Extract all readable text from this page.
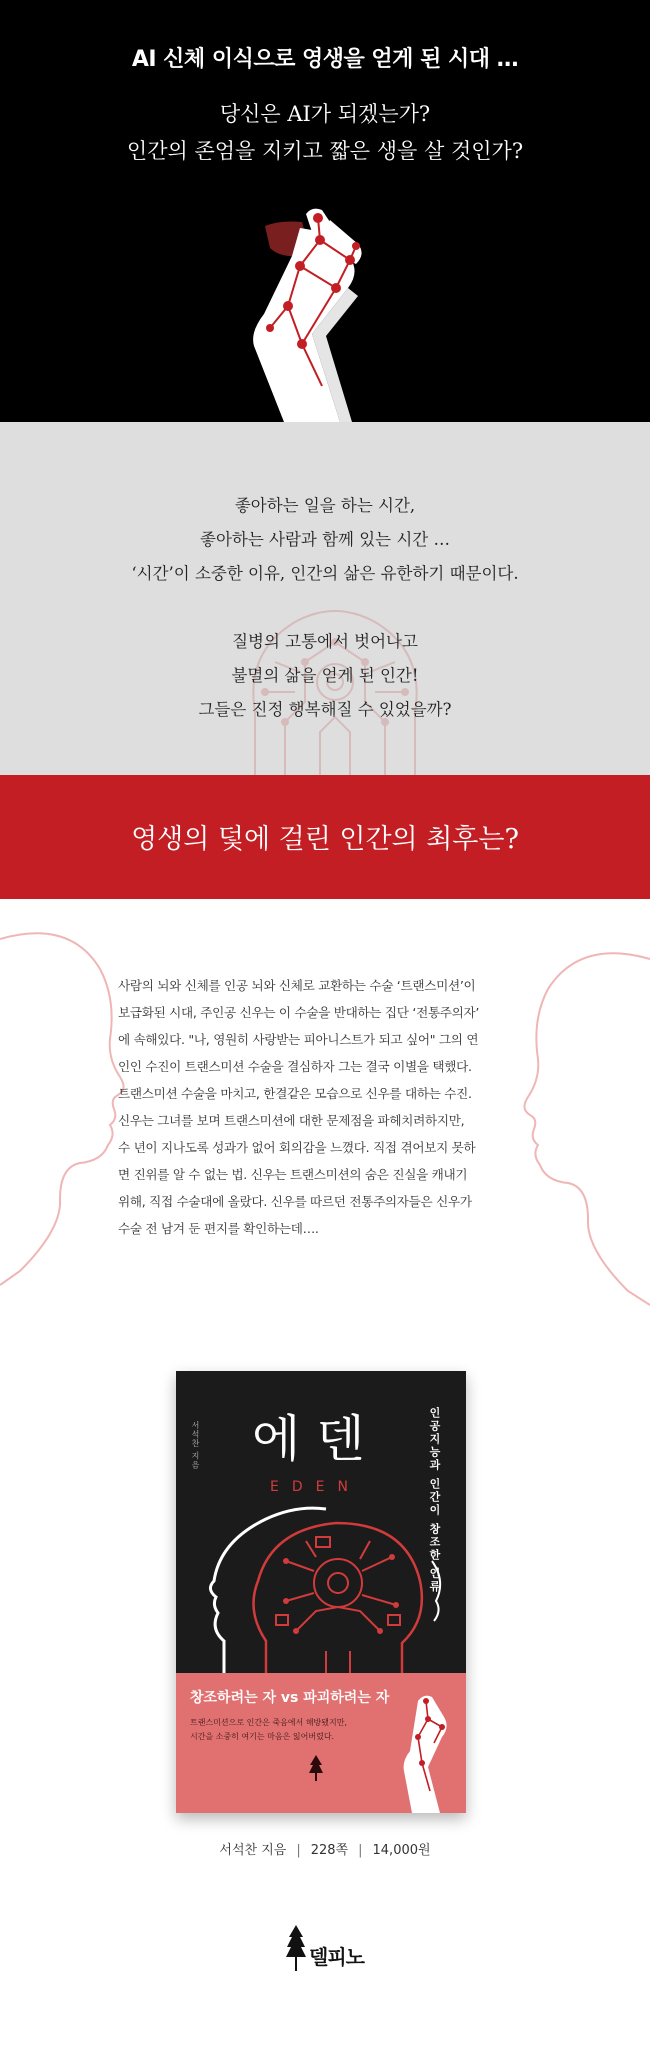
AI 신체 이식으로 영생을 얻게 된 시대 …
당신은 AI가 되겠는가?
인간의 존엄을 지키고 짧은 생을 살 것인가?
좋아하는 일을 하는 시간,
좋아하는 사람과 함께 있는 시간 …
‘시간’이 소중한 이유, 인간의 삶은 유한하기 때문이다.
질병의 고통에서 벗어나고
불멸의 삶을 얻게 된 인간!
그들은 진정 행복해질 수 있었을까?
영생의 덫에 걸린 인간의 최후는?
사람의 뇌와 신체를 인공 뇌와 신체로 교환하는 수술 ‘트랜스미션’이
보급화된 시대, 주인공 신우는 이 수술을 반대하는 집단 ‘전통주의자’
에 속해있다. "나, 영원히 사랑받는 피아니스트가 되고 싶어" 그의 연
인인 수진이 트랜스미션 수술을 결심하자 그는 결국 이별을 택했다.
트랜스미션 수술을 마치고, 한결같은 모습으로 신우를 대하는 수진.
신우는 그녀를 보며 트랜스미션에 대한 문제점을 파헤치려하지만,
수 년이 지나도록 성과가 없어 회의감을 느꼈다. 직접 겪어보지 못하
면 진위를 알 수 없는 법. 신우는 트랜스미션의 숨은 진실을 캐내기
위해, 직접 수술대에 올랐다. 신우를 따르던 전통주의자들은 신우가
수술 전 남겨 둔 편지를 확인하는데….
서석찬 지음 에덴
EDEN	인공지능과 인간이 창조한 인류
창조하려는 자 vs 파괴하려는 자
트랜스미션으로 인간은 죽음에서 해방됐지만,
시간을 소중히 여기는 마음은 잃어버렸다.
서석찬 지음 | 228쪽 | 14,000원
델피노
